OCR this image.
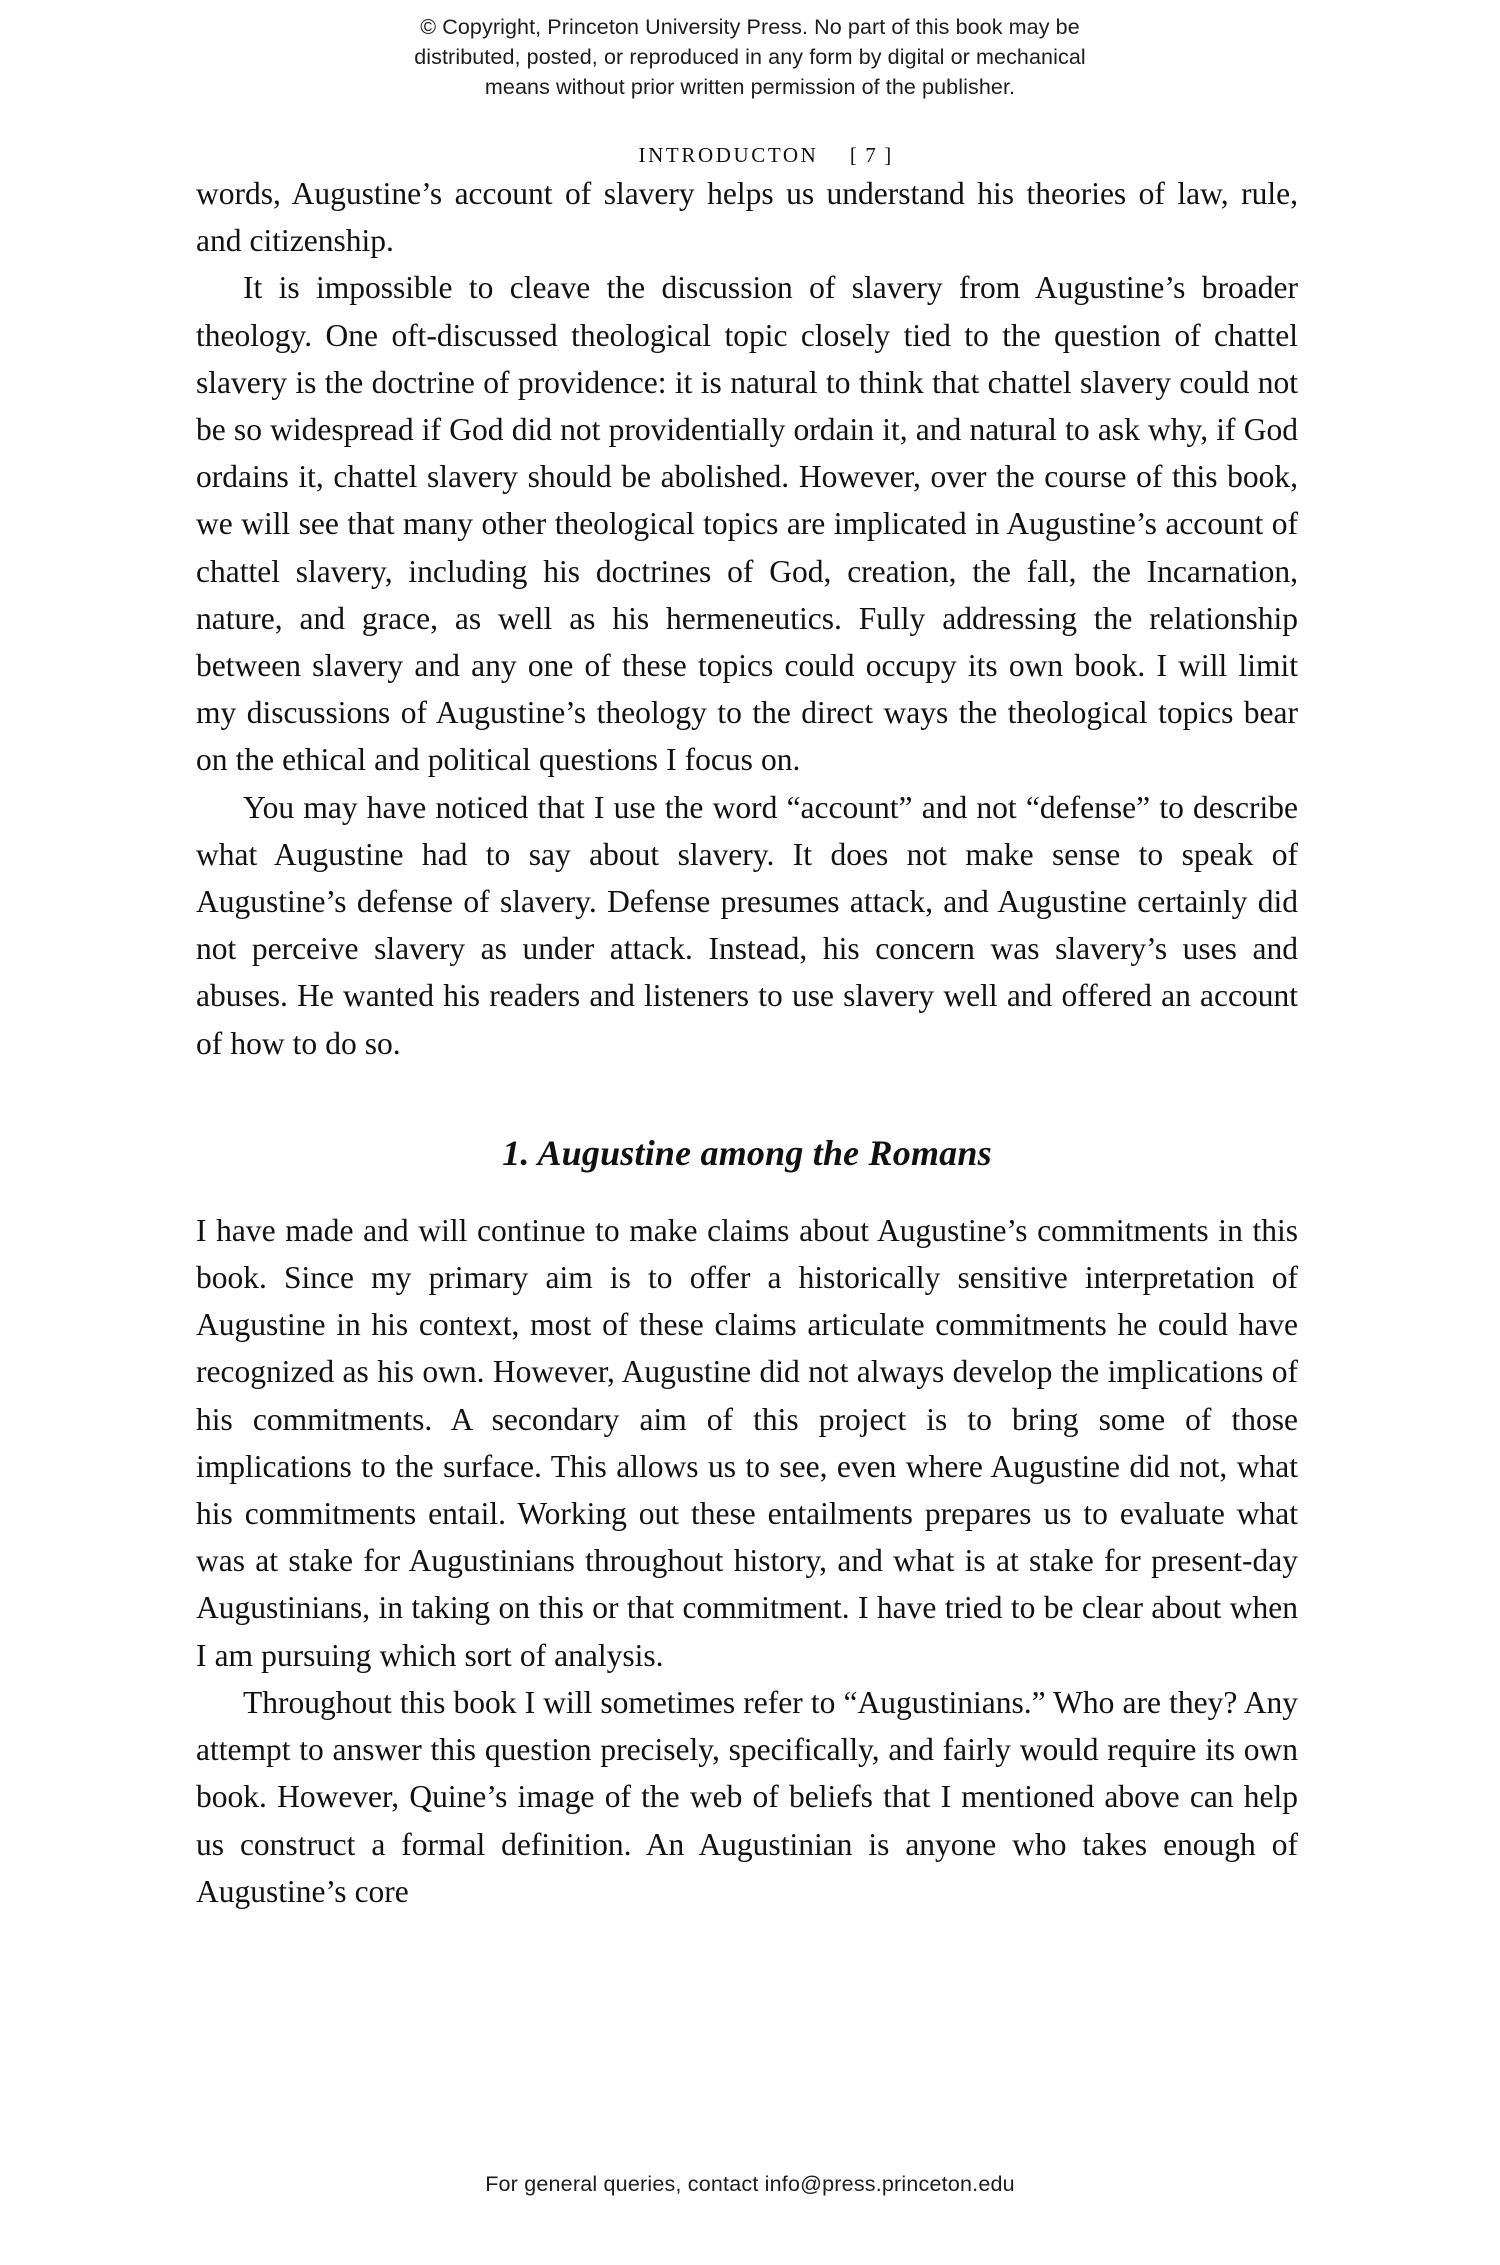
© Copyright, Princeton University Press. No part of this book may be
distributed, posted, or reproduced in any form by digital or mechanical
means without prior written permission of the publisher.

INTRODUCTON [ 7 ]

words, Augustine’s account of slavery helps us understand his theories of law, rule, and citizenship.

It is impossible to cleave the discussion of slavery from Augustine’s broader theology. One oft-discussed theological topic closely tied to the question of chattel slavery is the doctrine of providence: it is natural to think that chattel slavery could not be so widespread if God did not providentially ordain it, and natural to ask why, if God ordains it, chattel slavery should be abolished. However, over the course of this book, we will see that many other theological topics are implicated in Augustine’s account of chattel slavery, including his doctrines of God, creation, the fall, the Incarnation, nature, and grace, as well as his hermeneutics. Fully addressing the relationship between slavery and any one of these topics could occupy its own book. I will limit my discussions of Augustine’s theology to the direct ways the theological topics bear on the ethical and political questions I focus on.

You may have noticed that I use the word “account” and not “defense” to describe what Augustine had to say about slavery. It does not make sense to speak of Augustine’s defense of slavery. Defense presumes attack, and Augustine certainly did not perceive slavery as under attack. Instead, his concern was slavery’s uses and abuses. He wanted his readers and listeners to use slavery well and offered an account of how to do so.

1. Augustine among the Romans

I have made and will continue to make claims about Augustine’s commitments in this book. Since my primary aim is to offer a historically sensitive interpretation of Augustine in his context, most of these claims articulate commitments he could have recognized as his own. However, Augustine did not always develop the implications of his commitments. A secondary aim of this project is to bring some of those implications to the surface. This allows us to see, even where Augustine did not, what his commitments entail. Working out these entailments prepares us to evaluate what was at stake for Augustinians throughout history, and what is at stake for present-day Augustinians, in taking on this or that commitment. I have tried to be clear about when I am pursuing which sort of analysis.

Throughout this book I will sometimes refer to “Augustinians.” Who are they? Any attempt to answer this question precisely, specifically, and fairly would require its own book. However, Quine’s image of the web of beliefs that I mentioned above can help us construct a formal definition. An Augustinian is anyone who takes enough of Augustine’s core

For general queries, contact info@press.princeton.edu
